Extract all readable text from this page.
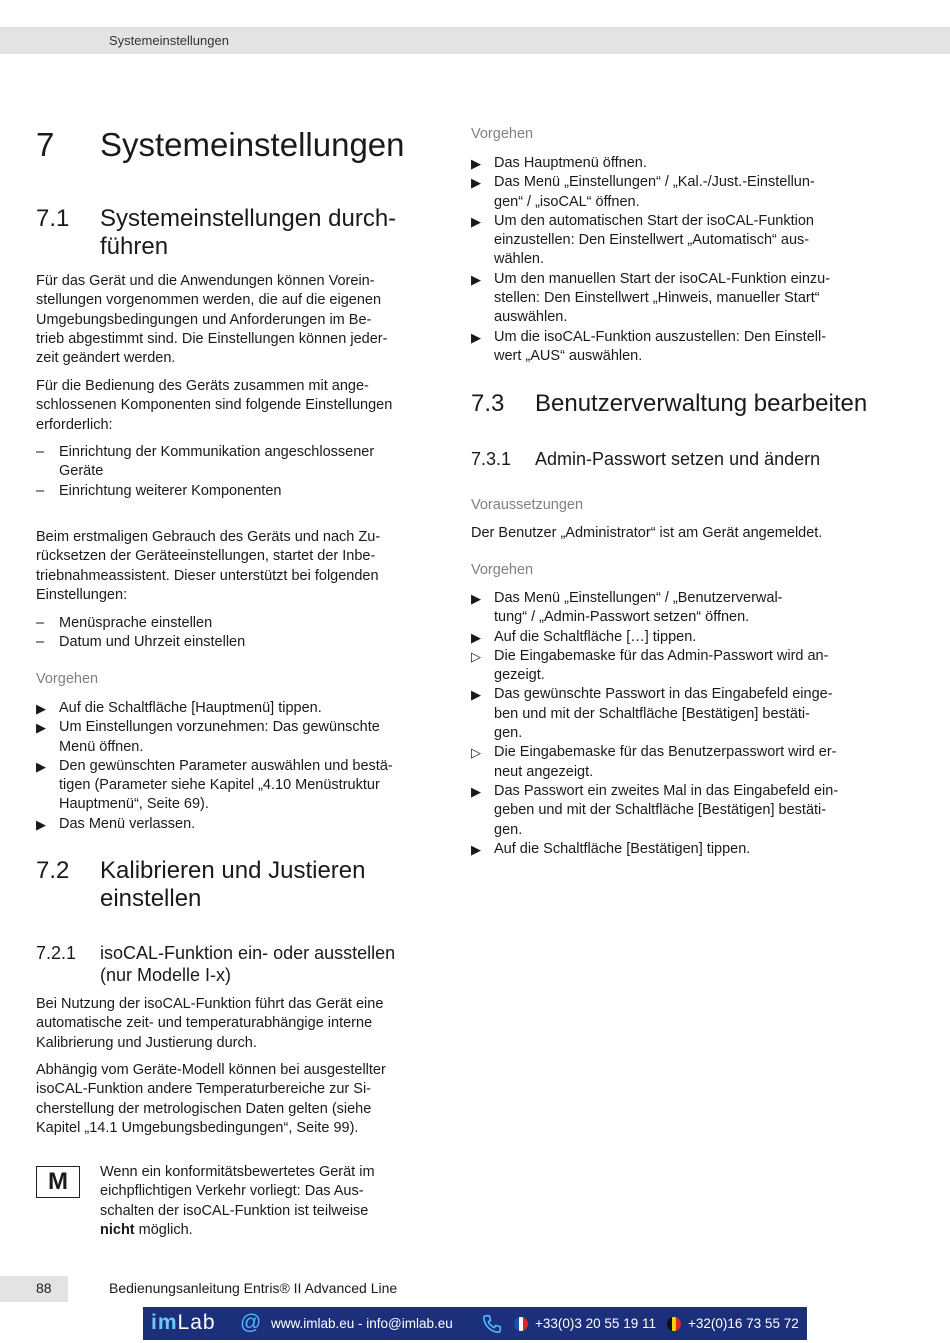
Systemeinstellungen
7 Systemeinstellungen
7.1 Systemeinstellungen durch-
führen

Für das Gerät und die Anwendungen können Vorein-
stellungen vorgenommen werden, die auf die eigenen
Umgebungsbedingungen und Anforderungen im Be-
trieb abgestimmt sind. Die Einstellungen können jeder-
zeit geändert werden.

Für die Bedienung des Geräts zusammen mit ange-
schlossenen Komponenten sind folgende Einstellungen
erforderlich:

– Einrichtung der Kommunikation angeschlossener
Geräte
– Einrichtung weiterer Komponenten

Beim erstmaligen Gebrauch des Geräts und nach Zu-
rücksetzen der Geräteeinstellungen, startet der Inbe-
triebnahmeassistent. Dieser unterstützt bei folgenden
Einstellungen:

– Menüsprache einstellen
– Datum und Uhrzeit einstellen
Vorgehen
▶ Auf die Schaltfläche [Hauptmenü] tippen.
▶ Um Einstellungen vorzunehmen: Das gewünschte
Menü öffnen.
▶ Den gewünschten Parameter auswählen und bestä-
tigen (Parameter siehe Kapitel „4.10 Menüstruktur
Hauptmenü“, Seite 69).
▶ Das Menü verlassen.
7.2 Kalibrieren und Justieren
einstellen
7.2.1 isoCAL-Funktion ein- oder ausstellen
(nur Modelle I-x)

Bei Nutzung der isoCAL-Funktion führt das Gerät eine
automatische zeit- und temperaturabhängige interne
Kalibrierung und Justierung durch.

Abhängig vom Geräte-Modell können bei ausgestellter
isoCAL-Funktion andere Temperaturbereiche zur Si-
cherstellung der metrologischen Daten gelten (siehe
Kapitel „14.1 Umgebungsbedingungen“, Seite 99).

M	Wenn ein konformitätsbewertetes Gerät im
eichpflichtigen Verkehr vorliegt: Das Aus-
schalten der isoCAL-Funktion ist teilweise
nicht möglich.

Vorgehen
▶ Das Hauptmenü öffnen.
▶ Das Menü „Einstellungen“ / „Kal.-/Just.-Einstellun-
gen“ / „isoCAL“ öffnen.
▶ Um den automatischen Start der isoCAL-Funktion
einzustellen: Den Einstellwert „Automatisch“ aus-
wählen.
▶ Um den manuellen Start der isoCAL-Funktion einzu-
stellen: Den Einstellwert „Hinweis, manueller Start“
auswählen.
▶ Um die isoCAL-Funktion auszustellen: Den Einstell-
wert „AUS“ auswählen.
7.3 Benutzerverwaltung bearbeiten
7.3.1 Admin-Passwort setzen und ändern
Voraussetzungen

Der Benutzer „Administrator“ ist am Gerät angemeldet.

Vorgehen
▶ Das Menü „Einstellungen“ / „Benutzerverwal-
tung“ / „Admin-Passwort setzen“ öffnen.
▶ Auf die Schaltfläche […] tippen.
▷ Die Eingabemaske für das Admin-Passwort wird an-
gezeigt.
▶ Das gewünschte Passwort in das Eingabefeld einge-
ben und mit der Schaltfläche [Bestätigen] bestäti-
gen.
▷ Die Eingabemaske für das Benutzerpasswort wird er-
neut angezeigt.
▶ Das Passwort ein zweites Mal in das Eingabefeld ein-
geben und mit der Schaltfläche [Bestätigen] bestäti-
gen.
▶ Auf die Schaltfläche [Bestätigen] tippen.
88	Bedienungsanleitung Entris® II Advanced Line
imLab @ www.imlab.eu - info@imlab.eu	+33(0)3 20 55 19 11 +32(0)16 73 55 72
